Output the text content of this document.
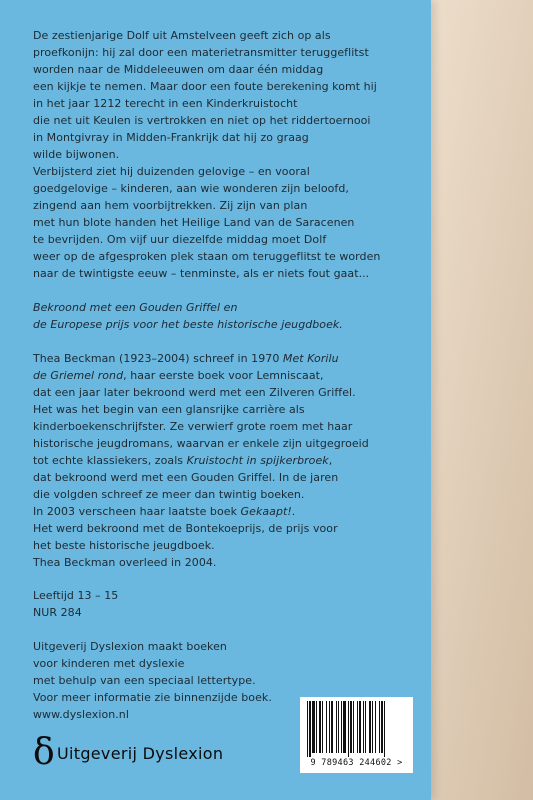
De zestienjarige Dolf uit Amstelveen geeft zich op als

proefkonijn: hij zal door een materietransmitter teruggeflitst

worden naar de Middeleeuwen om daar één middag

een kijkje te nemen. Maar door een foute berekening komt hij

in het jaar 1212 terecht in een Kinderkruistocht

die net uit Keulen is vertrokken en niet op het riddertoernooi

in Montgivray in Midden-Frankrijk dat hij zo graag

wilde bijwonen.

Verbijsterd ziet hij duizenden gelovige – en vooral

goedgelovige – kinderen, aan wie wonderen zijn beloofd,

zingend aan hem voorbijtrekken. Zij zijn van plan

met hun blote handen het Heilige Land van de Saracenen

te bevrijden. Om vijf uur diezelfde middag moet Dolf

weer op de afgesproken plek staan om teruggeflitst te worden

naar de twintigste eeuw – tenminste, als er niets fout gaat...

Bekroond met een Gouden Griffel en

de Europese prijs voor het beste historische jeugdboek.

Thea Beckman (1923–2004) schreef in 1970 Met Korilu

de Griemel rond, haar eerste boek voor Lemniscaat,

dat een jaar later bekroond werd met een Zilveren Griffel.

Het was het begin van een glansrijke carrière als

kinderboekenschrijfster. Ze verwierf grote roem met haar

historische jeugdromans, waarvan er enkele zijn uitgegroeid

tot echte klassiekers, zoals Kruistocht in spijkerbroek,

dat bekroond werd met een Gouden Griffel. In de jaren

die volgden schreef ze meer dan twintig boeken.

In 2003 verscheen haar laatste boek Gekaapt!.

Het werd bekroond met de Bontekoeprijs, de prijs voor

het beste historische jeugdboek.

Thea Beckman overleed in 2004.

Leeftijd 13 – 15

NUR 284

Uitgeverij Dyslexion maakt boeken

voor kinderen met dyslexie

met behulp van een speciaal lettertype.

Voor meer informatie zie binnenzijde boek.

www.dyslexion.nl

δ Uitgeverij Dyslexion	9 789463 244602 >
